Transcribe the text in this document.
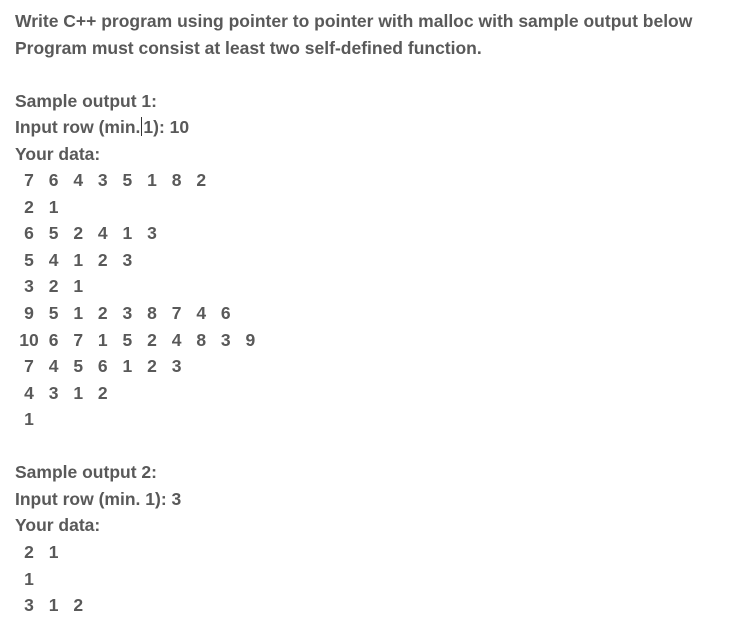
Write C++ program using pointer to pointer with malloc with sample output below
Program must consist at least two self-defined function.
Sample output 1:
Input row (min. 1): 10
Your data:
7 6 4 3 5 1 8 2
2 1
6 5 2 4 1 3
5 4 1 2 3
3 2 1
9 5 1 2 3 8 7 4 6
10 6 7 1 5 2 4 8 3 9
7 4 5 6 1 2 3
4 3 1 2
1
Sample output 2:
Input row (min. 1): 3
Your data:
2 1
1
3 1 2
